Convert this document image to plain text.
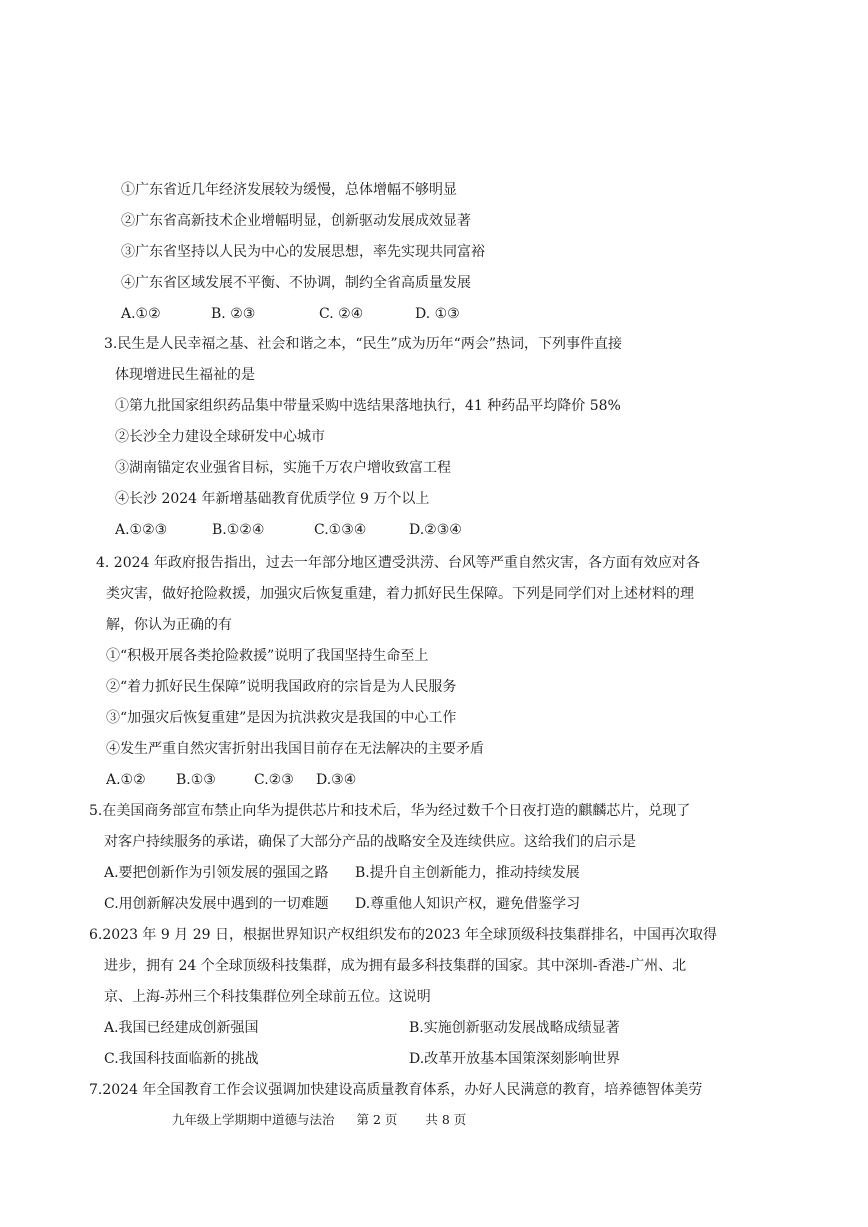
①广东省近几年经济发展较为缓慢，总体增幅不够明显
②广东省高新技术企业增幅明显，创新驱动发展成效显著
③广东省坚持以人民为中心的发展思想，率先实现共同富裕
④广东省区域发展不平衡、不协调，制约全省高质量发展
A.①②	B. ②③	C. ②④	D. ①③
3.民生是人民幸福之基、社会和谐之本，“民生”成为历年“两会”热词，下列事件直接
体现增进民生福祉的是
①第九批国家组织药品集中带量采购中选结果落地执行，41 种药品平均降价 58%
②长沙全力建设全球研发中心城市
③湖南锚定农业强省目标，实施千万农户增收致富工程
④长沙 2024 年新增基础教育优质学位 9 万个以上
A.①②③	B.①②④	C.①③④	D.②③④
4. 2024 年政府报告指出，过去一年部分地区遭受洪涝、台风等严重自然灾害，各方面有效应对各
类灾害，做好抢险救援，加强灾后恢复重建，着力抓好民生保障。下列是同学们对上述材料的理
解，你认为正确的有
①“积极开展各类抢险救援”说明了我国坚持生命至上
②“着力抓好民生保障”说明我国政府的宗旨是为人民服务
③“加强灾后恢复重建”是因为抗洪救灾是我国的中心工作
④发生严重自然灾害折射出我国目前存在无法解决的主要矛盾
A.①② B.①③	C.②③ D.③④
5.在美国商务部宣布禁止向华为提供芯片和技术后，华为经过数千个日夜打造的麒麟芯片，兑现了
对客户持续服务的承诺，确保了大部分产品的战略安全及连续供应。这给我们的启示是
A.要把创新作为引领发展的强国之路 B.提升自主创新能力，推动持续发展
C.用创新解决发展中遇到的一切难题 D.尊重他人知识产权，避免借鉴学习
6.2023 年 9 月 29 日，根据世界知识产权组织发布的2023 年全球顶级科技集群排名，中国再次取得
进步，拥有 24 个全球顶级科技集群，成为拥有最多科技集群的国家。其中深圳-香港-广州、北
京、上海-苏州三个科技集群位列全球前五位。这说明
A.我国已经建成创新强国	B.实施创新驱动发展战略成绩显著
C.我国科技面临新的挑战	D.改革开放基本国策深刻影响世界
7.2024 年全国教育工作会议强调加快建设高质量教育体系，办好人民满意的教育，培养德智体美劳
九年级上学期期中道德与法治 第 2 页 共 8 页
